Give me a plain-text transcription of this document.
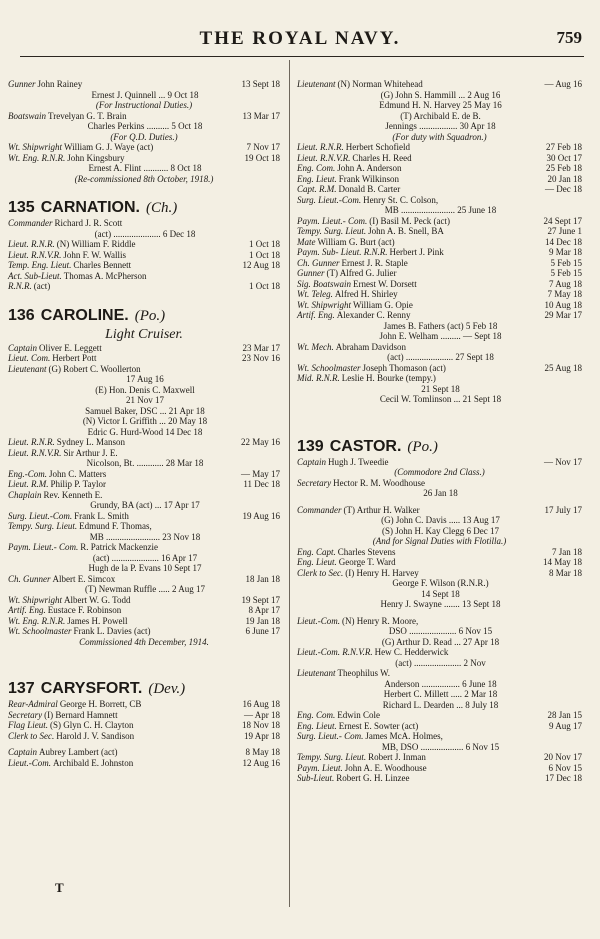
THE ROYAL NAVY.	759
Gunner John Rainey	13 Sept 18
Ernest J. Quinnell ... 9 Oct 18
(For Instructional Duties.)
Boatswain Trevelyan G. T. Brain	13 Mar 17
Charles Perkins .......... 5 Oct 18
(For Q.D. Duties.)
Wt. Shipwright William G. J. Waye (act)	7 Nov 17
Wt. Eng. R.N.R. John Kingsbury	19 Oct 18
Ernest A. Flint ........... 8 Oct 18
(Re-commissioned 8th October, 1918.)
135 CARNATION. (Ch.)
Commander Richard J. R. Scott
(act) ..................... 6 Dec 18
Lieut. R.N.R. (N) William F. Riddle	1 Oct 18
Lieut. R.N.V.R. John F. W. Wallis	1 Oct 18
Temp. Eng. Lieut. Charles Bennett	12 Aug 18
Act. Sub-Lieut. Thomas A. McPherson
R.N.R. (act)	1 Oct 18
136 CAROLINE. (Po.)
Light Cruiser.
Captain Oliver E. Leggett	23 Mar 17
Lieut. Com. Herbert Pott	23 Nov 16
Lieutenant (G) Robert C. Woollerton
17 Aug 16
(E) Hon. Denis C. Maxwell
21 Nov 17
Samuel Baker, DSC ... 21 Apr 18
(N) Victor I. Griffith ... 20 May 18
Edric G. Hurd-Wood 14 Dec 18
Lieut. R.N.R. Sydney L. Manson	22 May 16
Lieut. R.N.V.R. Sir Arthur J. E.
Nicolson, Bt. ............ 28 Mar 18
Eng.-Com. John C. Matters	— May 17
Lieut. R.M. Philip P. Taylor	11 Dec 18
Chaplain Rev. Kenneth E.
Grundy, BA (act) ... 17 Apr 17
Surg. Lieut.-Com. Frank L. Smith	19 Aug 16
Tempy. Surg. Lieut. Edmund F. Thomas,
MB ........................ 23 Nov 18
Paym. Lieut.- Com. R. Patrick Mackenzie
(act) ..................... 16 Apr 17
Hugh de la P. Evans 10 Sept 17
Ch. Gunner Albert E. Simcox	18 Jan 18
(T) Newman Ruffle ..... 2 Aug 17
Wt. Shipwright Albert W. G. Todd	19 Sept 17
Artif. Eng. Eustace F. Robinson	8 Apr 17
Wt. Eng. R.N.R. James H. Powell	19 Jan 18
Wt. Schoolmaster Frank L. Davies (act)	6 June 17
Commissioned 4th December, 1914.
137 CARYSFORT. (Dev.)
Rear-Admiral George H. Borrett, CB	16 Aug 18
Secretary (I) Bernard Hamnett	— Apr 18
Flag Lieut. (S) Glyn C. H. Clayton	18 Nov 18
Clerk to Sec. Harold J. V. Sandison	19 Apr 18
Captain Aubrey Lambert (act)	8 May 18
Lieut.-Com. Archibald E. Johnston	12 Aug 16
Lieutenant (N) Norman Whitehead	— Aug 16
(G) John S. Hammill ... 2 Aug 16
Edmund H. N. Harvey 25 May 16
(T) Archibald E. de B.
Jennings ................. 30 Apr 18
(For duty with Squadron.)
Lieut. R.N.R. Herbert Schofield	27 Feb 18
Lieut. R.N.V.R. Charles H. Reed	30 Oct 17
Eng. Com. John A. Anderson	25 Feb 18
Eng. Lieut. Frank Wilkinson	20 Jan 18
Capt. R.M. Donald B. Carter	— Dec 18
Surg. Lieut.-Com. Henry St. C. Colson,
MB ........................ 25 June 18
Paym. Lieut.- Com. (I) Basil M. Peck (act)	24 Sept 17
Tempy. Surg. Lieut. John A. B. Snell, BA	27 June 1
Mate William G. Burt (act)	14 Dec 18
Paym. Sub- Lieut. R.N.R. Herbert J. Pink	9 Mar 18
Ch. Gunner Ernest J. R. Staple	5 Feb 15
Gunner (T) Alfred G. Julier	5 Feb 15
Sig. Boatswain Ernest W. Dorsett	7 Aug 18
Wt. Teleg. Alfred H. Shirley	7 May 18
Wt. Shipwright William G. Opie	10 Aug 18
Artif. Eng. Alexander C. Renny	29 Mar 17
James B. Fathers (act) 5 Feb 18
John E. Welham ......... — Sept 18
Wt. Mech. Abraham Davidson
(act) ..................... 27 Sept 18
Wt. Schoolmaster Joseph Thomason (act)	25 Aug 18
Mid. R.N.R. Leslie H. Bourke (tempy.)
21 Sept 18
Cecil W. Tomlinson ... 21 Sept 18
139 CASTOR. (Po.)
Captain Hugh J. Tweedie	— Nov 17
(Commodore 2nd Class.)
Secretary Hector R. M. Woodhouse
26 Jan 18
Commander (T) Arthur H. Walker	17 July 17
(G) John C. Davis ..... 13 Aug 17
(S) John H. Kay Clegg 6 Dec 17
(And for Signal Duties with Flotilla.)
Eng. Capt. Charles Stevens	7 Jan 18
Eng. Lieut. George T. Ward	14 May 18
Clerk to Sec. (I) Henry H. Harvey	8 Mar 18
George F. Wilson (R.N.R.)
14 Sept 18
Henry J. Swayne ....... 13 Sept 18
Lieut.-Com. (N) Henry R. Moore,
DSO ..................... 6 Nov 15
(G) Arthur D. Read ... 27 Apr 18
Lieut.-Com. R.N.V.R. Hew C. Hedderwick
(act) ..................... 2 Nov
Lieutenant Theophilus W.
Anderson ................. 6 June 18
Herbert C. Millett ..... 2 Mar 18
Richard L. Dearden ... 8 July 18
Eng. Com. Edwin Cole	28 Jan 15
Eng. Lieut. Ernest E. Sowter (act)	9 Aug 17
Surg. Lieut.- Com. James McA. Holmes,
MB, DSO ................... 6 Nov 15
Tempy. Surg. Lieut. Robert J. Inman	20 Nov 17
Paym. Lieut. John A. E. Woodhouse	6 Nov 15
Sub-Lieut. Robert G. H. Linzee	17 Dec 18
T
